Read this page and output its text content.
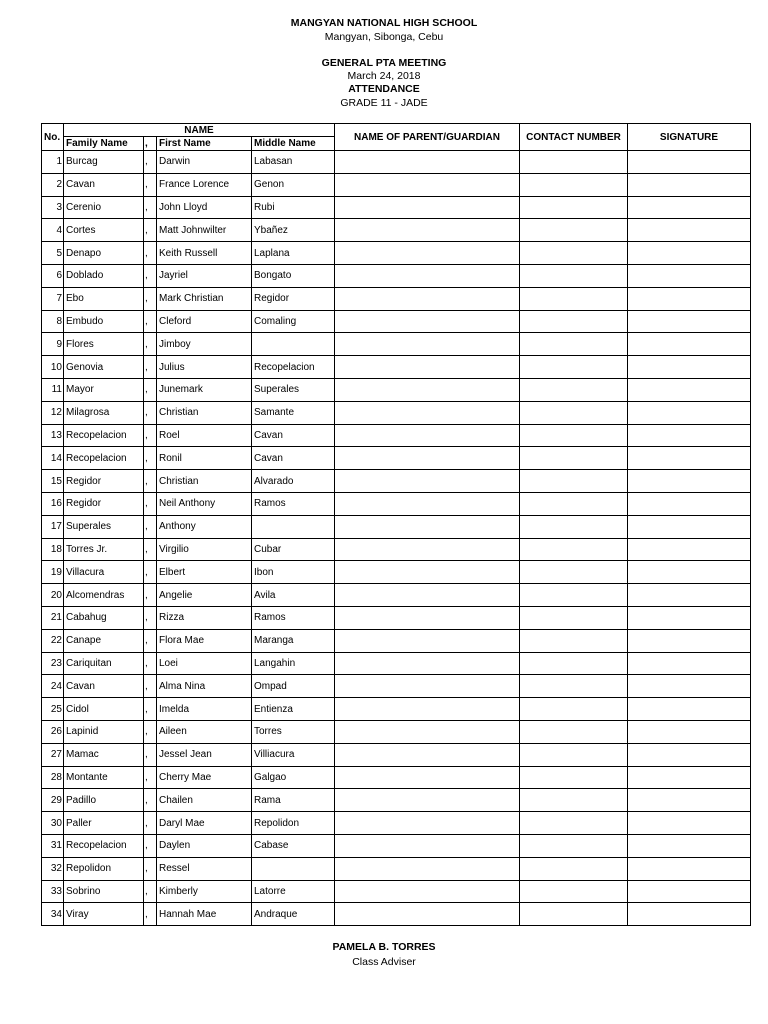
MANGYAN NATIONAL HIGH SCHOOL
Mangyan, Sibonga, Cebu
GENERAL PTA MEETING
March 24, 2018
ATTENDANCE
GRADE 11 - JADE
No.	NAME				NAME OF PARENT/GUARDIAN	CONTACT NUMBER	SIGNATURE
	Family Name	,	First Name	Middle Name			
1	Burcag	,	Darwin	Labasan			
2	Cavan	,	France Lorence	Genon			
3	Cerenio	,	John Lloyd	Rubi			
4	Cortes	,	Matt Johnwilter	Ybañez			
5	Denapo	,	Keith Russell	Laplana			
6	Doblado	,	Jayriel	Bongato			
7	Ebo	,	Mark Christian	Regidor			
8	Embudo	,	Cleford	Comaling			
9	Flores	,	Jimboy				
10	Genovia	,	Julius	Recopelacion			
11	Mayor	,	Junemark	Superales			
12	Milagrosa	,	Christian	Samante			
13	Recopelacion	,	Roel	Cavan			
14	Recopelacion	,	Ronil	Cavan			
15	Regidor	,	Christian	Alvarado			
16	Regidor	,	Neil Anthony	Ramos			
17	Superales	,	Anthony				
18	Torres Jr.	,	Virgilio	Cubar			
19	Villacura	,	Elbert	Ibon			
20	Alcomendras	,	Angelie	Avila			
21	Cabahug	,	Rizza	Ramos			
22	Canape	,	Flora Mae	Maranga			
23	Cariquitan	,	Loei	Langahin			
24	Cavan	,	Alma Nina	Ompad			
25	Cidol	,	Imelda	Entienza			
26	Lapinid	,	Aileen	Torres			
27	Mamac	,	Jessel Jean	Villiacura			
28	Montante	,	Cherry Mae	Galgao			
29	Padillo	,	Chailen	Rama			
30	Paller	,	Daryl Mae	Repolidon			
31	Recopelacion	,	Daylen	Cabase			
32	Repolidon	,	Ressel				
33	Sobrino	,	Kimberly	Latorre			
34	Viray	,	Hannah Mae	Andraque			
PAMELA B. TORRES
Class Adviser
